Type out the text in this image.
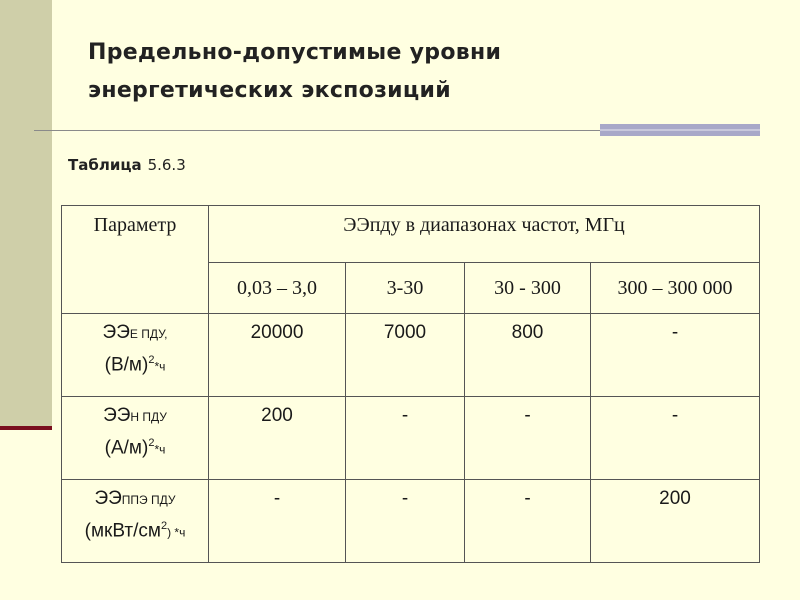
Предельно-допустимые уровни
энергетических экспозиций
Таблица 5.6.3
Параметр	ЭЭпду в диапазонах частот, МГц			
	0,03 – 3,0	3-30	30 - 300	300 – 300 000

ЭЭЕ ПДУ,
$(В/м)^2*ч$	20000	7000	800	-

ЭЭН ПДУ
$(А/м)^2*ч$	200	-	-	-

ЭЭППЭ ПДУ
$(мкВт/см^2)$ *ч	-	-	-	200
